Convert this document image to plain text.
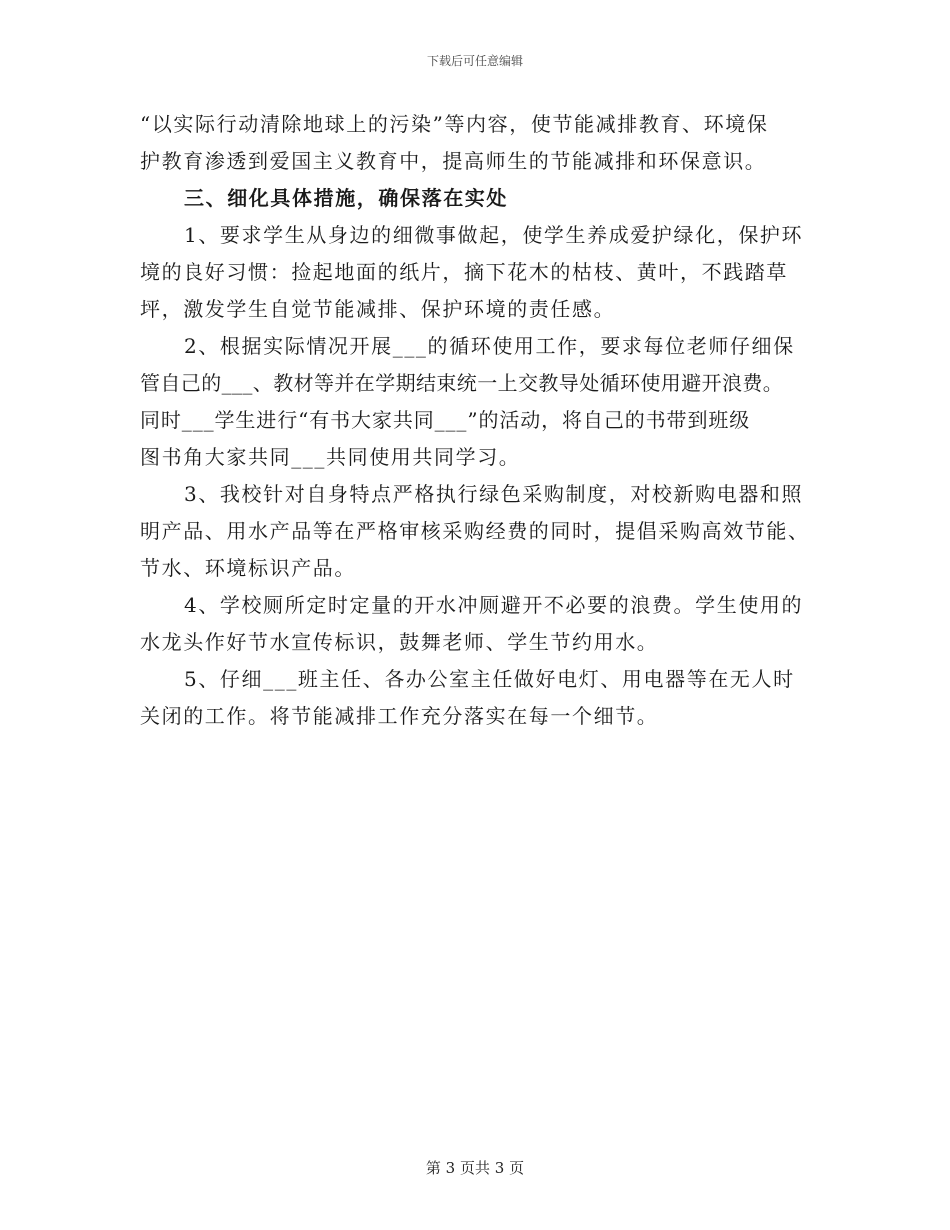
下载后可任意编辑
“以实际行动清除地球上的污染”等内容，使节能减排教育、环境保
护教育渗透到爱国主义教育中，提高师生的节能减排和环保意识。
三、细化具体措施，确保落在实处
1、要求学生从身边的细微事做起，使学生养成爱护绿化，保护环
境的良好习惯：捡起地面的纸片，摘下花木的枯枝、黄叶，不践踏草
坪，激发学生自觉节能减排、保护环境的责任感。
2、根据实际情况开展___的循环使用工作，要求每位老师仔细保
管自己的___、教材等并在学期结束统一上交教导处循环使用避开浪费。
同时___学生进行“有书大家共同___”的活动，将自己的书带到班级
图书角大家共同___共同使用共同学习。
3、我校针对自身特点严格执行绿色采购制度，对校新购电器和照
明产品、用水产品等在严格审核采购经费的同时，提倡采购高效节能、
节水、环境标识产品。
4、学校厕所定时定量的开水冲厕避开不必要的浪费。学生使用的
水龙头作好节水宣传标识，鼓舞老师、学生节约用水。
5、仔细___班主任、各办公室主任做好电灯、用电器等在无人时
关闭的工作。将节能减排工作充分落实在每一个细节。
第 3 页共 3 页
